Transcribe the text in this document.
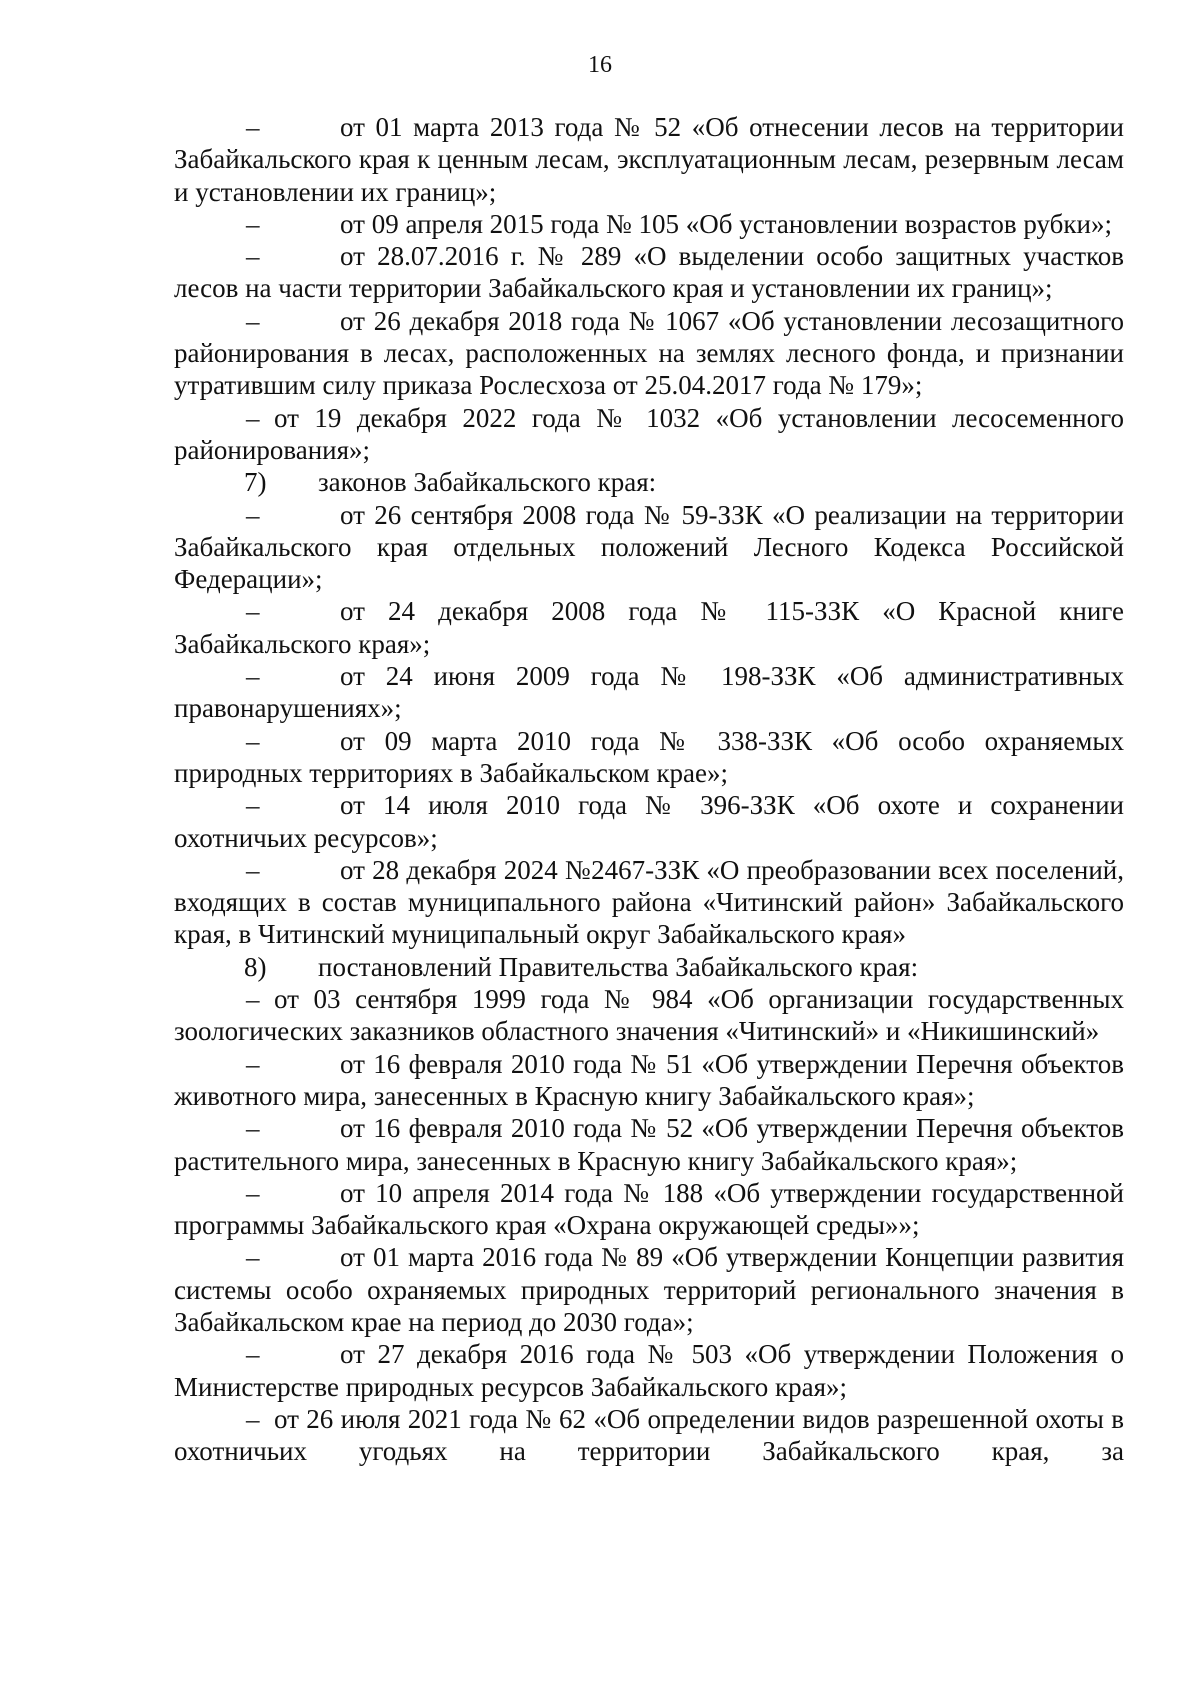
16

–	от 01 марта 2013 года № 52 «Об отнесении лесов на территории Забайкальского края к ценным лесам, эксплуатационным лесам, резервным лесам и установлении их границ»;

–	от 09 апреля 2015 года № 105 «Об установлении возрастов рубки»;

–	от 28.07.2016 г. № 289 «О выделении особо защитных участков лесов на части территории Забайкальского края и установлении их границ»;

–	от 26 декабря 2018 года № 1067 «Об установлении лесозащитного районирования в лесах, расположенных на землях лесного фонда, и признании утратившим силу приказа Рослесхоза от 25.04.2017 года № 179»;

– от 19 декабря 2022 года № 1032 «Об установлении лесосеменного районирования»;

7) законов Забайкальского края:

–	от 26 сентября 2008 года № 59-ЗЗК «О реализации на территории Забайкальского края отдельных положений Лесного Кодекса Российской Федерации»;

–	от 24 декабря 2008 года № 115-ЗЗК «О Красной книге Забайкальского края»;

–	от 24 июня 2009 года № 198-ЗЗК «Об административных правонарушениях»;

–	от 09 марта 2010 года № 338-ЗЗК «Об особо охраняемых природных территориях в Забайкальском крае»;

–	от 14 июля 2010 года № 396-ЗЗК «Об охоте и сохранении охотничьих ресурсов»;

–	от 28 декабря 2024 №2467-ЗЗК «О преобразовании всех поселений, входящих в состав муниципального района «Читинский район» Забайкальского края, в Читинский муниципальный округ Забайкальского края»

8) постановлений Правительства Забайкальского края:

– от 03 сентября 1999 года № 984 «Об организации государственных зоологических заказников областного значения «Читинский» и «Никишинский»

–	от 16 февраля 2010 года № 51 «Об утверждении Перечня объектов животного мира, занесенных в Красную книгу Забайкальского края»;

–	от 16 февраля 2010 года № 52 «Об утверждении Перечня объектов растительного мира, занесенных в Красную книгу Забайкальского края»;

–	от 10 апреля 2014 года № 188 «Об утверждении государственной программы Забайкальского края «Охрана окружающей среды»»;

–	от 01 марта 2016 года № 89 «Об утверждении Концепции развития системы особо охраняемых природных территорий регионального значения в Забайкальском крае на период до 2030 года»;

–	от 27 декабря 2016 года № 503 «Об утверждении Положения о Министерстве природных ресурсов Забайкальского края»;

– от 26 июля 2021 года № 62 «Об определении видов разрешенной охоты в охотничьих угодьях на территории Забайкальского края, за
